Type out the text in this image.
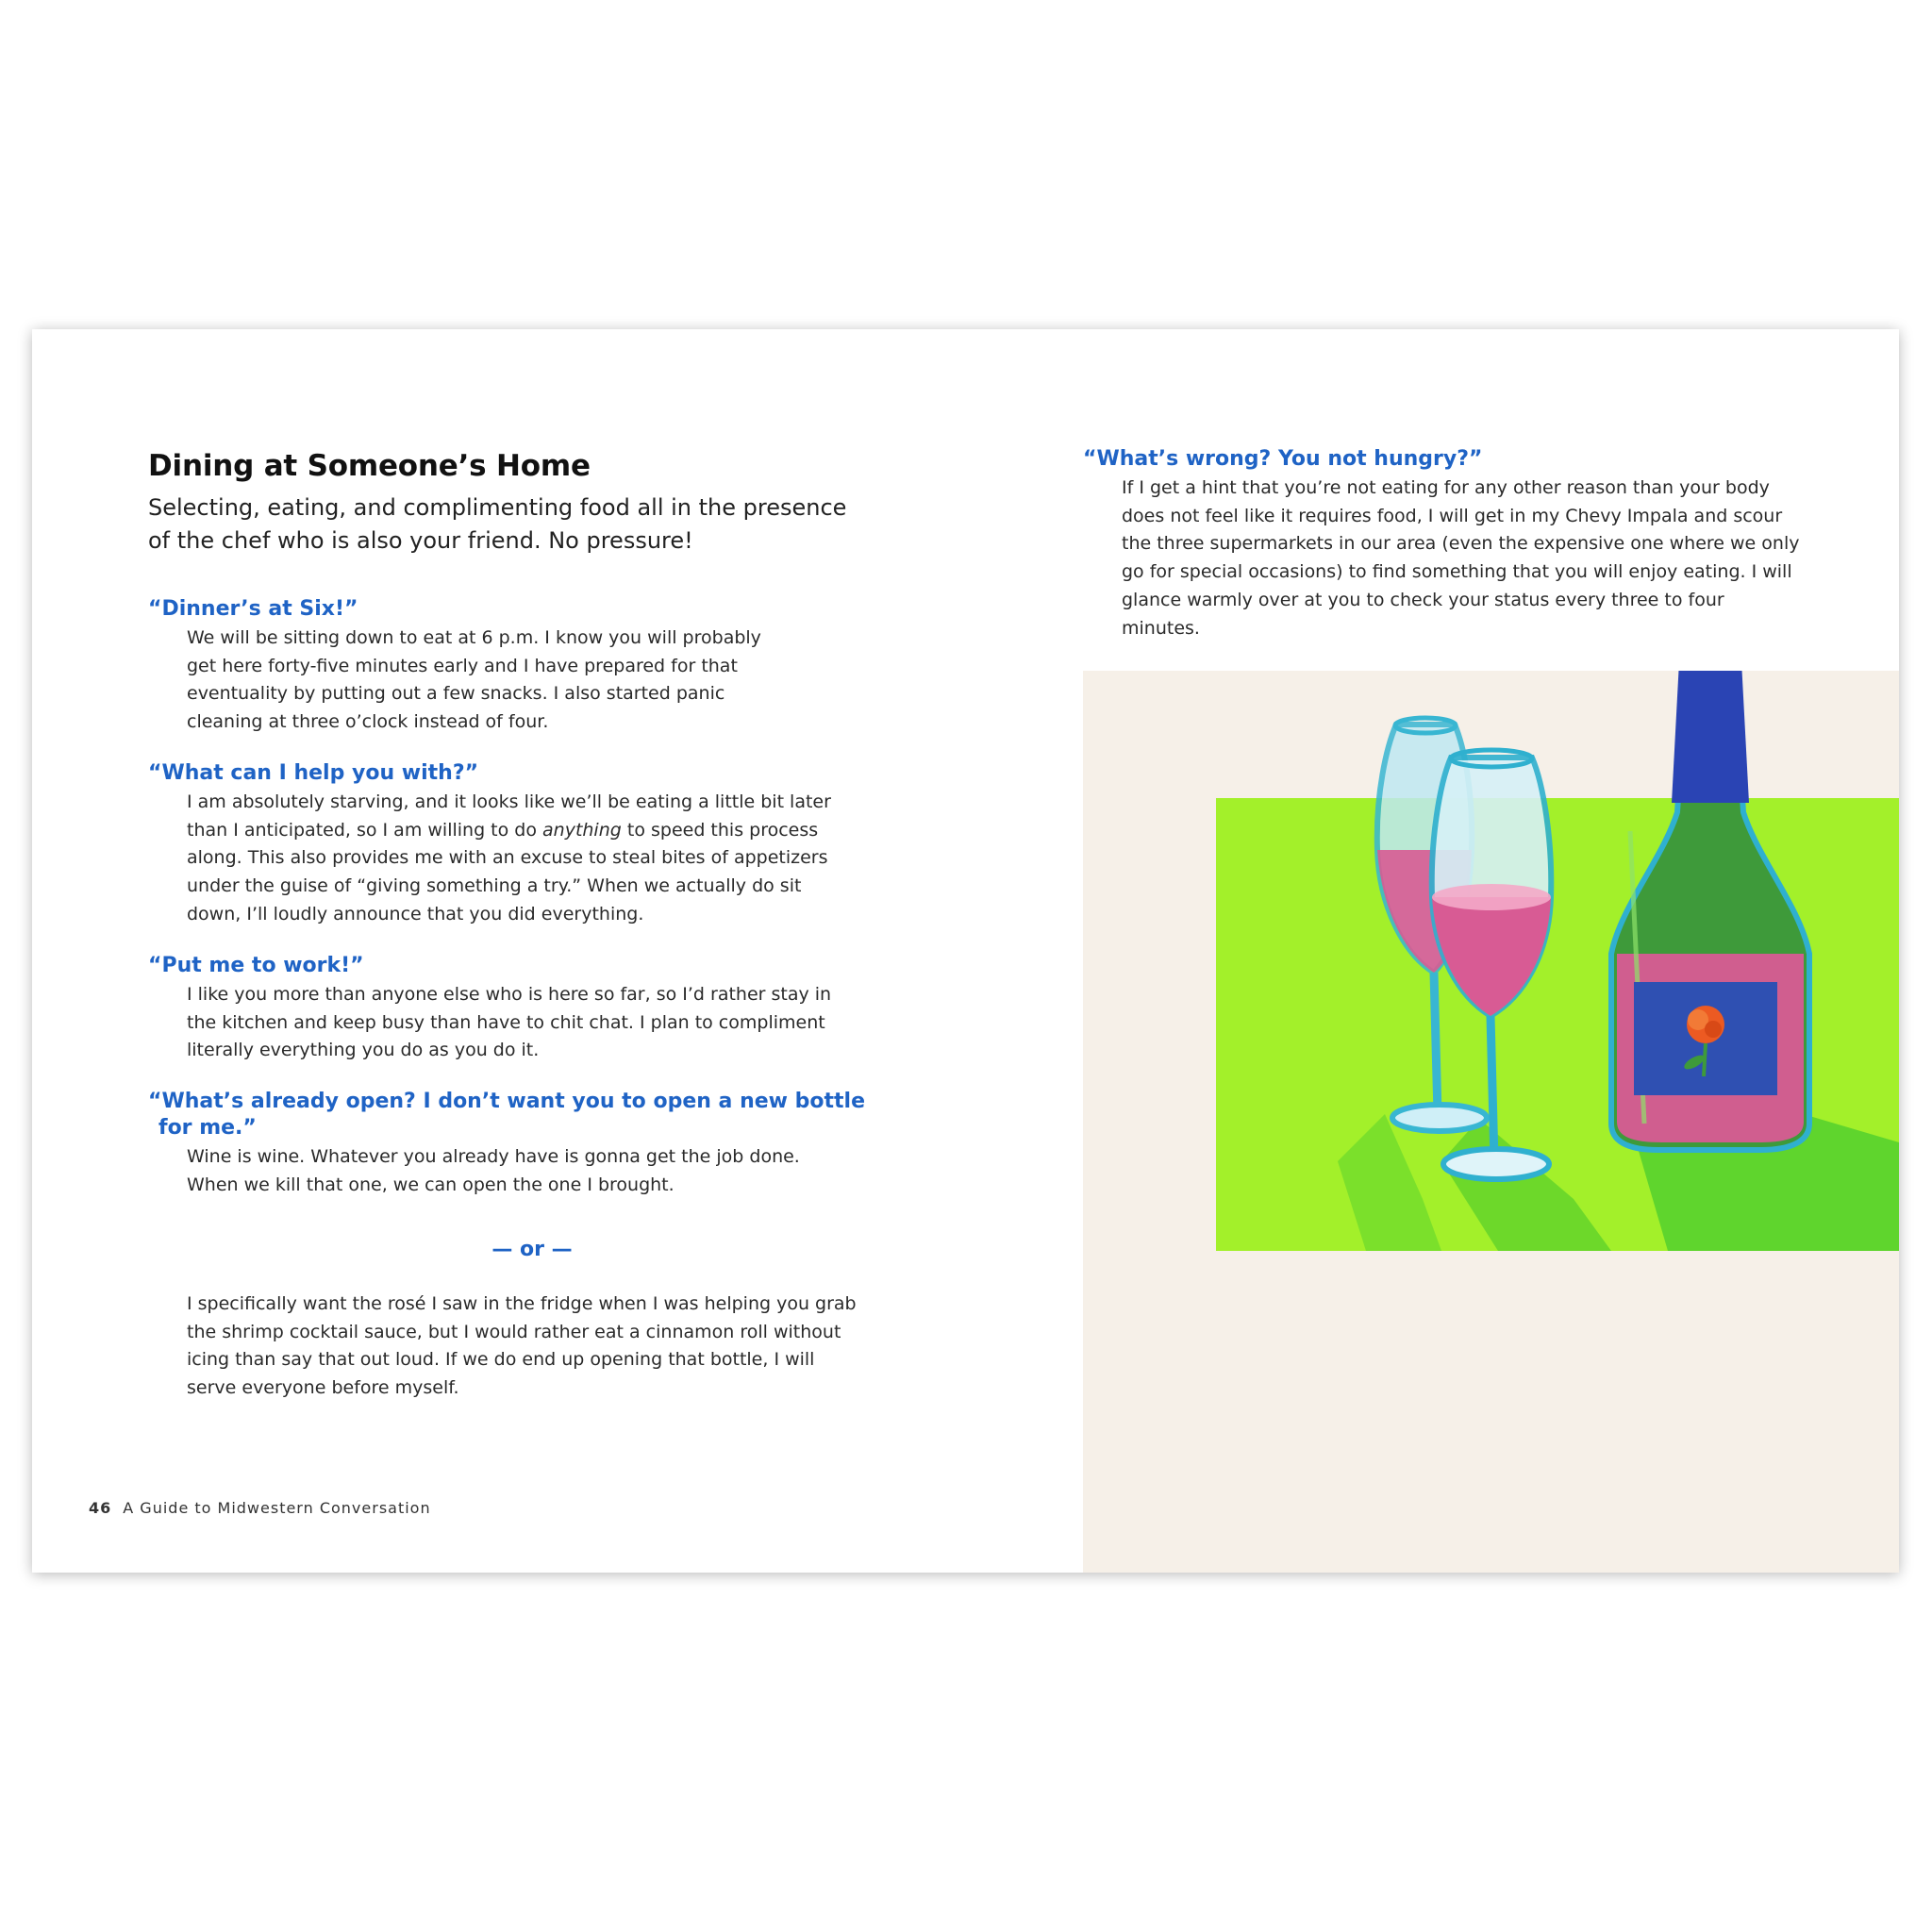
Dining at Someone’s Home

Selecting, eating, and complimenting food all in the presence of the chef who is also your friend. No pressure!

“Dinner’s at Six!”

We will be sitting down to eat at 6 p.m. I know you will probably get here forty-five minutes early and I have prepared for that eventuality by putting out a few snacks. I also started panic cleaning at three o’clock instead of four.

“What can I help you with?”

I am absolutely starving, and it looks like we’ll be eating a little bit later than I anticipated, so I am willing to do anything to speed this process along. This also provides me with an excuse to steal bites of appetizers under the guise of “giving something a try.” When we actually do sit down, I’ll loudly announce that you did everything.

“Put me to work!”

I like you more than anyone else who is here so far, so I’d rather stay in the kitchen and keep busy than have to chit chat. I plan to compliment literally everything you do as you do it.

“What’s already open? I don’t want you to open a new bottle
for me.”

Wine is wine. Whatever you already have is gonna get the job done. When we kill that one, we can open the one I brought.

— or —

I specifically want the rosé I saw in the fridge when I was helping you grab the shrimp cocktail sauce, but I would rather eat a cinnamon roll without icing than say that out loud. If we do end up opening that bottle, I will serve everyone before myself.

46 A Guide to Midwestern Conversation
“What’s wrong? You not hungry?”

If I get a hint that you’re not eating for any other reason than your body does not feel like it requires food, I will get in my Chevy Impala and scour the three supermarkets in our area (even the expensive one where we only go for special occasions) to find something that you will enjoy eating. I will glance warmly over at you to check your status every three to four minutes.
